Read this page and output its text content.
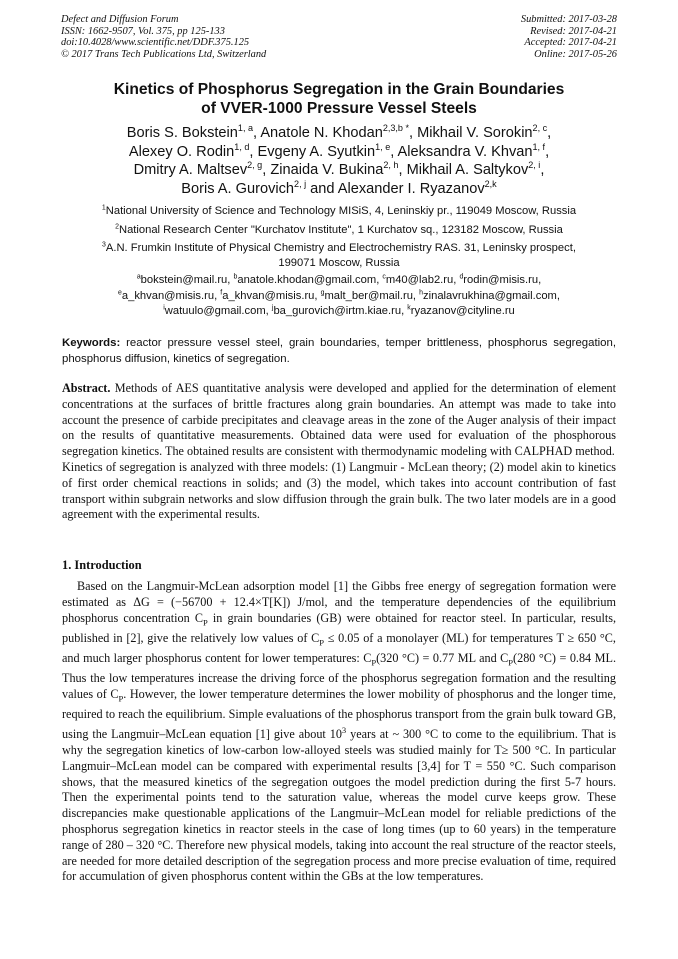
Defect and Diffusion Forum
ISSN: 1662-9507, Vol. 375, pp 125-133
doi:10.4028/www.scientific.net/DDF.375.125
© 2017 Trans Tech Publications Ltd, Switzerland
Submitted: 2017-03-28
Revised: 2017-04-21
Accepted: 2017-04-21
Online: 2017-05-26
Kinetics of Phosphorus Segregation in the Grain Boundaries
of VVER-1000 Pressure Vessel Steels
Boris S. Bokstein$^{1, a}$, Anatole N. Khodan$^{2,3,b *}$, Mikhail V. Sorokin$^{2, c}$,
Alexey O. Rodin$^{1, d}$, Evgeny A. Syutkin$^{1, e}$, Aleksandra V. Khvan$^{1, f}$,
Dmitry A. Maltsev$^{2, g}$, Zinaida V. Bukina$^{2, h}$, Mikhail A. Saltykov$^{2, i}$,
Boris A. Gurovich$^{2, j}$ and Alexander I. Ryazanov$^{2,k}$
$^1$National University of Science and Technology MISiS, 4, Leninskiy pr., 119049 Moscow, Russia
$^2$National Research Center "Kurchatov Institute", 1 Kurchatov sq., 123182 Moscow, Russia
$^3$A.N. Frumkin Institute of Physical Chemistry and Electrochemistry RAS. 31, Leninsky prospect,
199071 Moscow, Russia
$^a$bokstein@mail.ru, $^b$anatole.khodan@gmail.com, $^c$m40@lab2.ru, $^d$rodin@misis.ru,
$^e$a_khvan@misis.ru, $^f$a_khvan@misis.ru, $^g$malt_ber@mail.ru, $^h$zinalavrukhina@gmail.com,
$^i$watuulo@gmail.com, $^j$ba_gurovich@irtm.kiae.ru, $^k$ryazanov@cityline.ru
Keywords: reactor pressure vessel steel, grain boundaries, temper brittleness, phosphorus segregation, phosphorus diffusion, kinetics of segregation.
Abstract. Methods of AES quantitative analysis were developed and applied for the determination of element concentrations at the surfaces of brittle fractures along grain boundaries. An attempt was made to take into account the presence of carbide precipitates and cleavage areas in the zone of the Auger analysis of their impact on the results of quantitative measurements. Obtained data were used for evaluation of the phosphorous segregation kinetics. The obtained results are consistent with thermodynamic modeling with CALPHAD method.
Kinetics of segregation is analyzed with three models: (1) Langmuir - McLean theory; (2) model akin to kinetics of first order chemical reactions in solids; and (3) the model, which takes into account contribution of fast transport within subgrain networks and slow diffusion through the grain bulk. The two later models are in a good agreement with the experimental results.
1. Introduction
Based on the Langmuir-McLean adsorption model [1] the Gibbs free energy of segregation formation were estimated as ΔG = (−56700 + 12.4×T[K]) J/mol, and the temperature dependencies of the equilibrium phosphorus concentration $C_P$ in grain boundaries (GB) were obtained for reactor steel. In particular, results, published in [2], give the relatively low values of $C_P \le 0.05$ of a monolayer (ML) for temperatures T ≥ 650 °C, and much larger phosphorus content for lower temperatures: $C_P(320$ °C) = 0.77 ML and $C_P(280$ °C) = 0.84 ML. Thus the low temperatures increase the driving force of the phosphorus segregation formation and the resulting values of $C_P$. However, the lower temperature determines the lower mobility of phosphorus and the longer time, required to reach the equilibrium. Simple evaluations of the phosphorus transport from the grain bulk toward GB, using the Langmuir–McLean equation [1] give about $10^3$ years at ~ 300 °C to come to the equilibrium. That is why the segregation kinetics of low-carbon low-alloyed steels was studied mainly for T≥ 500 °C. In particular Langmuir–McLean model can be compared with experimental results [3,4] for T = 550 °C. Such comparison shows, that the measured kinetics of the segregation outgoes the model prediction during the first 5-7 hours. Then the experimental points tend to the saturation value, whereas the model curve keeps grow. These discrepancies make questionable applications of the Langmuir–McLean model for reliable predictions of the phosphorus segregation kinetics in reactor steels in the case of long times (up to 60 years) in the temperature range of 280 – 320 °C. Therefore new physical models, taking into account the real structure of the reactor steels, are needed for more detailed description of the segregation process and more precise evaluation of time, required for accumulation of given phosphorus content within the GBs at the low temperatures.
